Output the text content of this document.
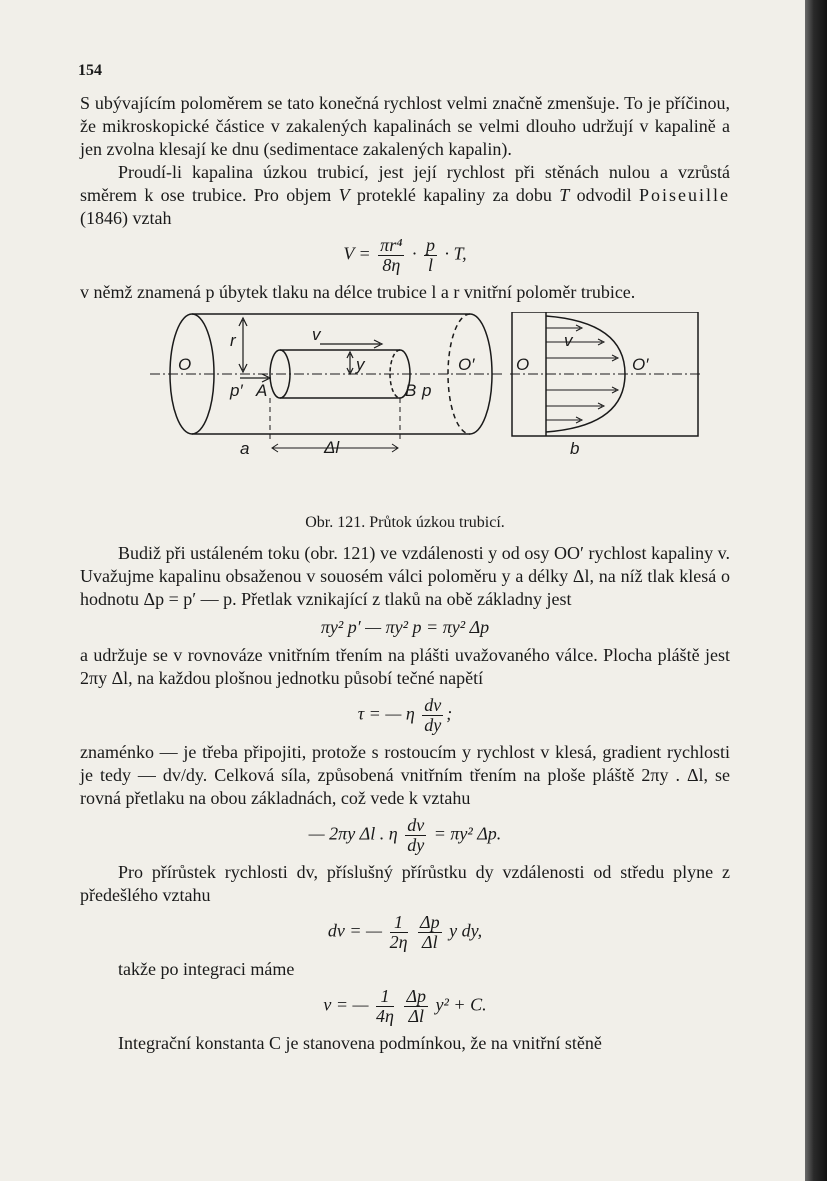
154

S ubývajícím poloměrem se tato konečná rychlost velmi značně zmenšuje. To je příčinou, že mikroskopické částice v zakalených kapalinách se velmi dlouho udržují v kapalině a jen zvolna klesají ke dnu (sedimentace zakalených kapalin).

Proudí-li kapalina úzkou trubicí, jest její rychlost při stěnách nulou a vzrůstá směrem k ose trubice. Pro objem V proteklé kapaliny za dobu T odvodil Poiseuille (1846) vztah

$V = \frac{\text{πr⁴}}{8\eta} \cdot \frac{p}{l} \cdot T$,

v němž znamená p úbytek tlaku na délce trubice l a r vnitřní poloměr trubice.

O	O′
r	v
y
p′ A	B p
Δl
a
O	O′
v
b
Obr. 121. Průtok úzkou trubicí.

Budiž při ustáleném toku (obr. 121) ve vzdálenosti y od osy OO′ rychlost kapaliny v. Uvažujme kapalinu obsaženou v souosém válci poloměru y a délky Δl, na níž tlak klesá o hodnotu Δp = p′ — p. Přetlak vznikající z tlaků na obě základny jest

πy² p′ — πy² p = πy² Δp

a udržuje se v rovnováze vnitřním třením na plášti uvažovaného válce. Plocha pláště jest 2πy Δl, na každou plošnou jednotku působí tečné napětí

τ = — η $\frac{dv}{dy}$ ;

znaménko — je třeba připojiti, protože s rostoucím y rychlost v klesá, gradient rychlosti je tedy — dv/dy. Celková síla, způsobená vnitřním třením na ploše pláště 2πy . Δl, se rovná přetlaku na obou základnách, což vede k vztahu

— 2πy Δl . η $\frac{dv}{dy} = \pi y^2$ Δp.

Pro přírůstek rychlosti dv, příslušný přírůstku dy vzdálenosti od středu plyne z předešlého vztahu

dv = — $\frac{1}{2\eta}$
$\frac{\Delta p}{\Delta l}$ y dy,

takže po integraci máme

v = — $\frac{1}{4\eta}$
$\frac{\Delta p}{\Delta l} y^2 + C$.

Integrační konstanta C je stanovena podmínkou, že na vnitřní stěně
